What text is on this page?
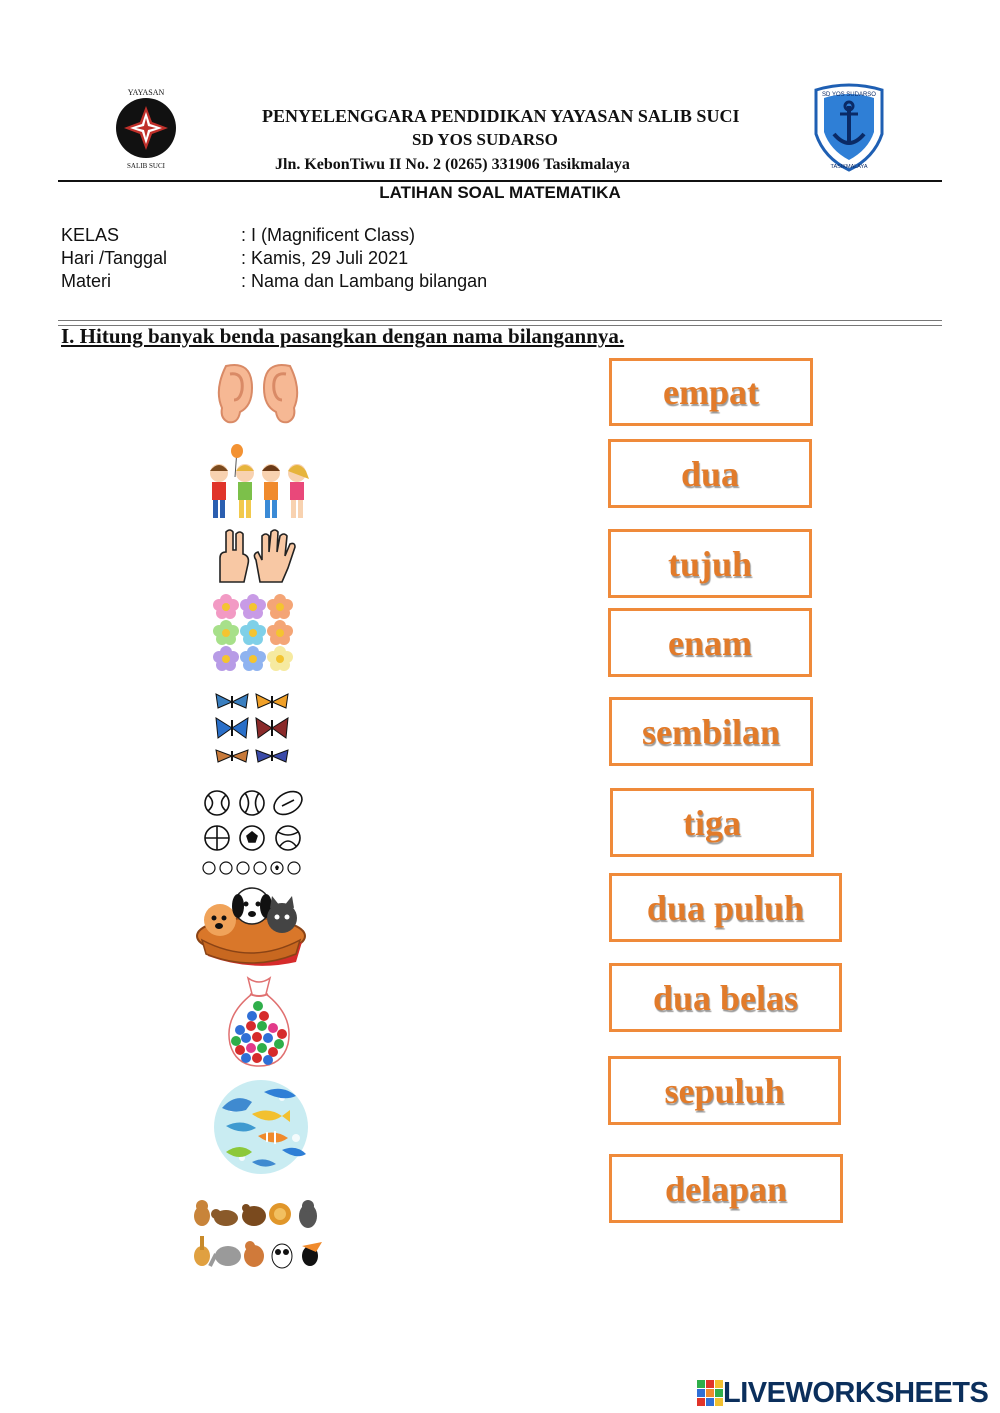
YAYASAN
SALIB SUCI
PENYELENGGARA PENDIDIKAN YAYASAN SALIB SUCI
SD YOS SUDARSO
Jln. KebonTiwu II No. 2 (0265) 331906 Tasikmalaya
SD YOS SUDARSO
TASIKMALAYA
LATIHAN SOAL MATEMATIKA
KELAS	: I (Magnificent Class)
Hari /Tanggal	: Kamis, 29 Juli 2021
Materi	: Nama dan Lambang bilangan
I. Hitung banyak benda pasangkan dengan nama bilangannya.
empat
dua
tujuh
enam
sembilan
tiga
dua puluh
dua belas
sepuluh
delapan
LIVEWORKSHEETS
